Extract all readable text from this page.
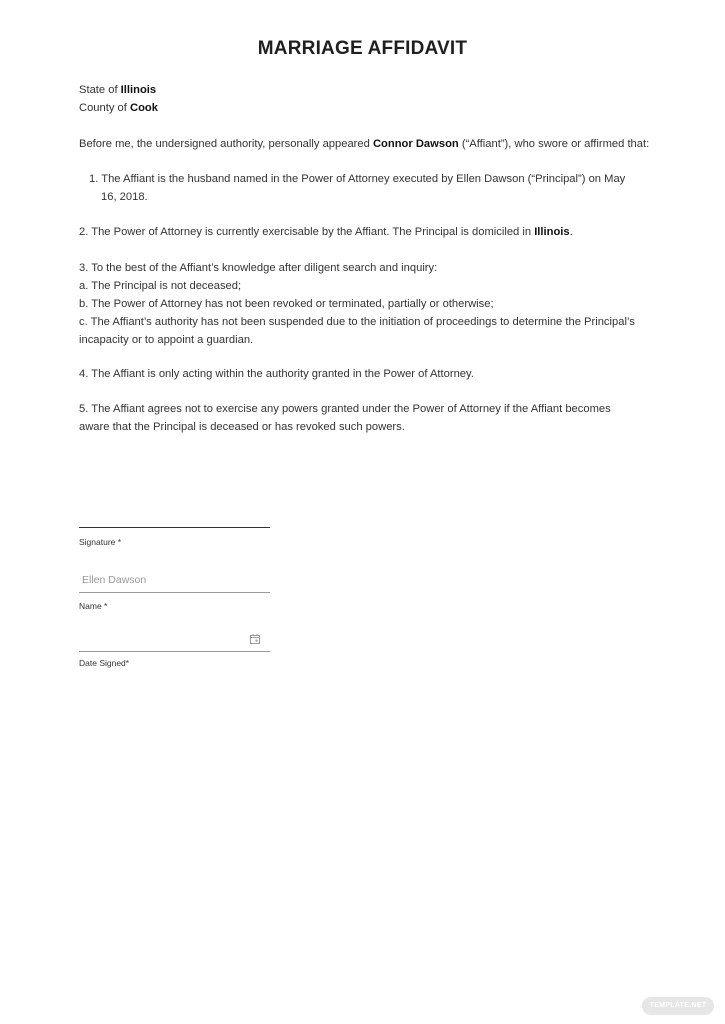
MARRIAGE AFFIDAVIT
State of Illinois
County of Cook
Before me, the undersigned authority, personally appeared Connor Dawson (“Affiant”), who swore or affirmed that:
1. The Affiant is the husband named in the Power of Attorney executed by Ellen Dawson (“Principal”) on May
16, 2018.
2. The Power of Attorney is currently exercisable by the Affiant. The Principal is domiciled in Illinois.
3. To the best of the Affiant’s knowledge after diligent search and inquiry:
a. The Principal is not deceased;
b. The Power of Attorney has not been revoked or terminated, partially or otherwise;
c. The Affiant’s authority has not been suspended due to the initiation of proceedings to determine the Principal’s
incapacity or to appoint a guardian.
4. The Affiant is only acting within the authority granted in the Power of Attorney.
5. The Affiant agrees not to exercise any powers granted under the Power of Attorney if the Affiant becomes
aware that the Principal is deceased or has revoked such powers.
Signature *
Ellen Dawson
Name *
Date Signed*
TEMPLATE.NET
